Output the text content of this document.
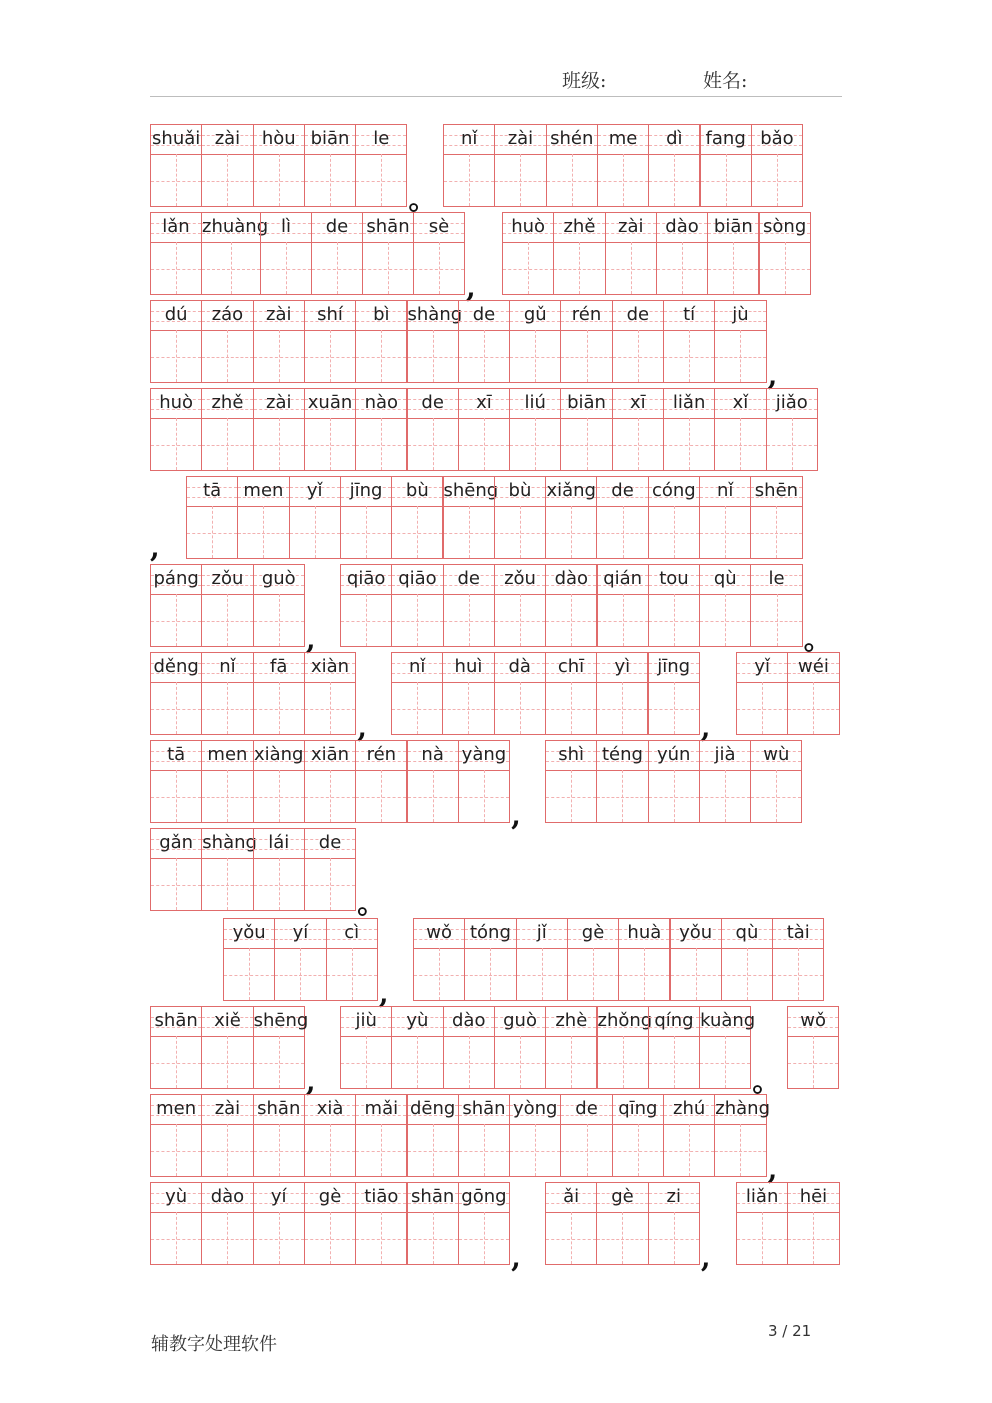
班级:	姓名:
shuǎi zài	hòu biān	le
。
nǐ	zài shén me	dì	fang bǎo
lǎn zhuàng lì	de	shān	sè
,
huò	zhě	zài	dào biān sòng
dú	záo	zài	shí	bì shàng de	gǔ	rén	de	tí	jù
,
huò	zhě	zài xuān nào	de	xī	liú	biān	xī	liǎn	xǐ	jiǎo
,
tā	men	yǐ	jīng	bù shēng bù xiǎng de	cóng	nǐ	shēn
páng zǒu	guò
,
qiāo qiāo	de	zǒu	dào qián tou	qù	le
。
děng	nǐ	fā	xiàn
,
nǐ	huì	dà	chī	yì	jīng
,
yǐ	wéi
tā	men xiàng xiān rén	nà yàng
,
shì téng yún	jià	wù
gǎn shàng lái	de
。
yǒu	yí	cì
,
wǒ tóng	jǐ	gè	huà yǒu	qù	tài
shān xiě shēng
,
jiù	yù	dào guò	zhè zhǒng qíng kuàng
。
wǒ
men	zài shān xià	mǎi dēng shān yòng de	qīng zhú zhàng
,
yù	dào	yí	gè	tiāo shān gōng
,
ǎi	gè	zi
,
liǎn	hēi
辅教字处理软件
3 / 21
